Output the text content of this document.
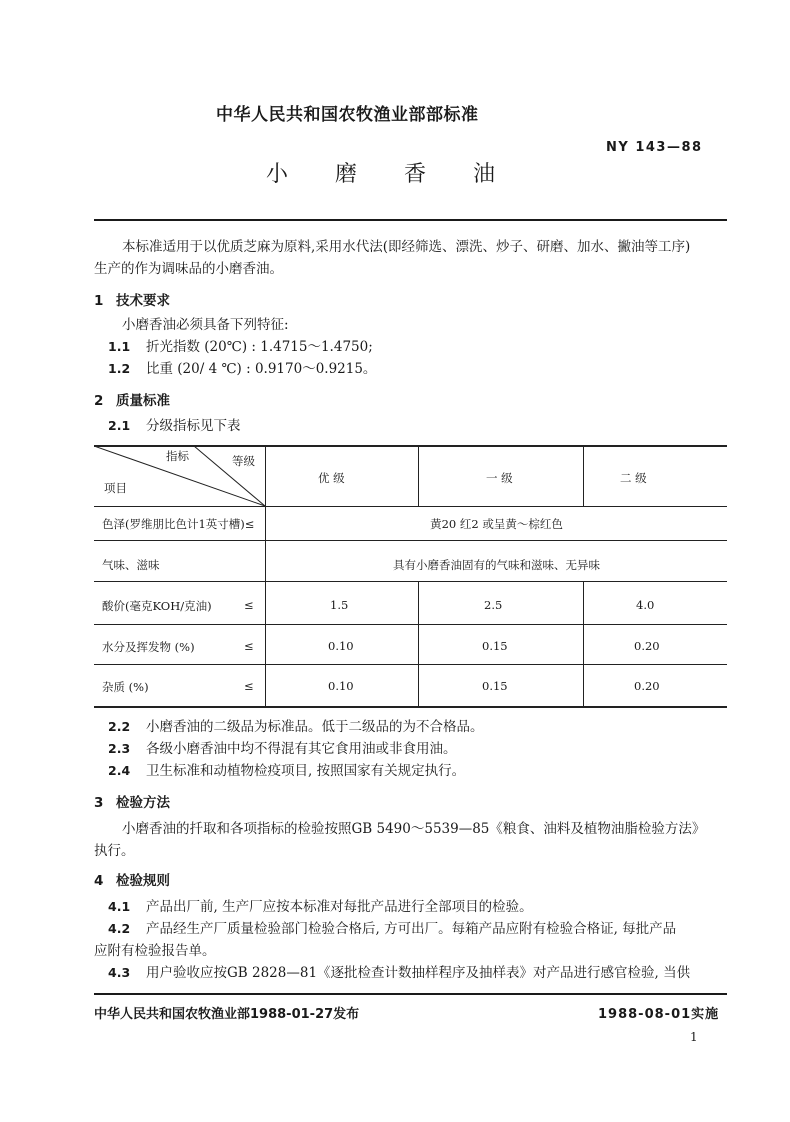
中华人民共和国农牧渔业部部标准
NY 143—88
小 磨 香 油
本标准适用于以优质芝麻为原料,采用水代法(即经筛选、漂洗、炒子、研磨、加水、撇油等工序)
生产的作为调味品的小磨香油。
1 技术要求
小磨香油必须具备下列特征:
1.1 折光指数 (20℃) : 1.4715～1.4750;
1.2 比重 (20/ 4 ℃) : 0.9170～0.9215。
2 质量标准
2.1 分级指标见下表
指标	等级
项目
优 级	一 级	二 级
色泽(罗维朋比色计1英寸槽)≤	黄20 红2 或呈黄～棕红色
气味、滋味	具有小磨香油固有的气味和滋味、无异味
酸价(毫克KOH/克油)	≤	1.5	2.5	4.0
水分及挥发物 (%)	≤	0.10	0.15	0.20
杂质 (%)	≤	0.10	0.15	0.20
2.2 小磨香油的二级品为标准品。低于二级品的为不合格品。
2.3 各级小磨香油中均不得混有其它食用油或非食用油。
2.4 卫生标准和动植物检疫项目, 按照国家有关规定执行。
3 检验方法
小磨香油的扦取和各项指标的检验按照GB 5490～5539—85《粮食、油料及植物油脂检验方法》
执行。
4 检验规则
4.1 产品出厂前, 生产厂应按本标准对每批产品进行全部项目的检验。
4.2 产品经生产厂质量检验部门检验合格后, 方可出厂。每箱产品应附有检验合格证, 每批产品
应附有检验报告单。
4.3 用户验收应按GB 2828—81《逐批检查计数抽样程序及抽样表》对产品进行感官检验, 当供
中华人民共和国农牧渔业部1988-01-27发布	1988-08-01实施
1
